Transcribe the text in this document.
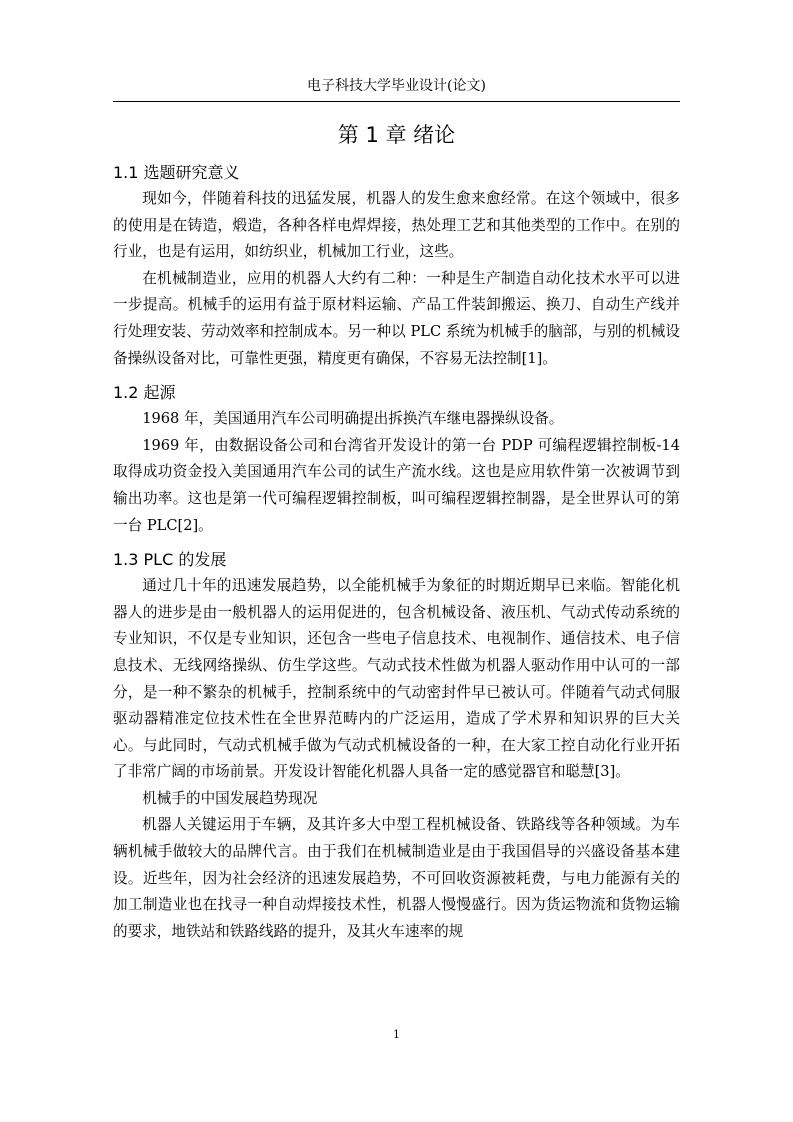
电子科技大学毕业设计(论文)
第 1 章 绪论
1.1 选题研究意义

现如今，伴随着科技的迅猛发展，机器人的发生愈来愈经常。在这个领域中，很多的使用是在铸造，煅造，各种各样电焊焊接，热处理工艺和其他类型的工作中。在别的行业，也是有运用，如纺织业，机械加工行业，这些。

在机械制造业，应用的机器人大约有二种：一种是生产制造自动化技术水平可以进一步提高。机械手的运用有益于原材料运输、产品工件装卸搬运、换刀、自动生产线并行处理安装、劳动效率和控制成本。另一种以 PLC 系统为机械手的脑部，与别的机械设备操纵设备对比，可靠性更强，精度更有确保，不容易无法控制[1]。

1.2 起源

1968 年，美国通用汽车公司明确提出拆换汽车继电器操纵设备。

1969 年，由数据设备公司和台湾省开发设计的第一台 PDP 可编程逻辑控制板-14 取得成功资金投入美国通用汽车公司的试生产流水线。这也是应用软件第一次被调节到输出功率。这也是第一代可编程逻辑控制板，叫可编程逻辑控制器，是全世界认可的第一台 PLC[2]。

1.3 PLC 的发展

通过几十年的迅速发展趋势，以全能机械手为象征的时期近期早已来临。智能化机器人的进步是由一般机器人的运用促进的，包含机械设备、液压机、气动式传动系统的专业知识，不仅是专业知识，还包含一些电子信息技术、电视制作、通信技术、电子信息技术、无线网络操纵、仿生学这些。气动式技术性做为机器人驱动作用中认可的一部分，是一种不繁杂的机械手，控制系统中的气动密封件早已被认可。伴随着气动式伺服驱动器精准定位技术性在全世界范畴内的广泛运用，造成了学术界和知识界的巨大关心。与此同时，气动式机械手做为气动式机械设备的一种，在大家工控自动化行业开拓了非常广阔的市场前景。开发设计智能化机器人具备一定的感觉器官和聪慧[3]。

机械手的中国发展趋势现况

机器人关键运用于车辆，及其许多大中型工程机械设备、铁路线等各种领域。为车辆机械手做较大的品牌代言。由于我们在机械制造业是由于我国倡导的兴盛设备基本建设。近些年，因为社会经济的迅速发展趋势，不可回收资源被耗费，与电力能源有关的加工制造业也在找寻一种自动焊接技术性，机器人慢慢盛行。因为货运物流和货物运输的要求，地铁站和铁路线路的提升，及其火车速率的规

1
